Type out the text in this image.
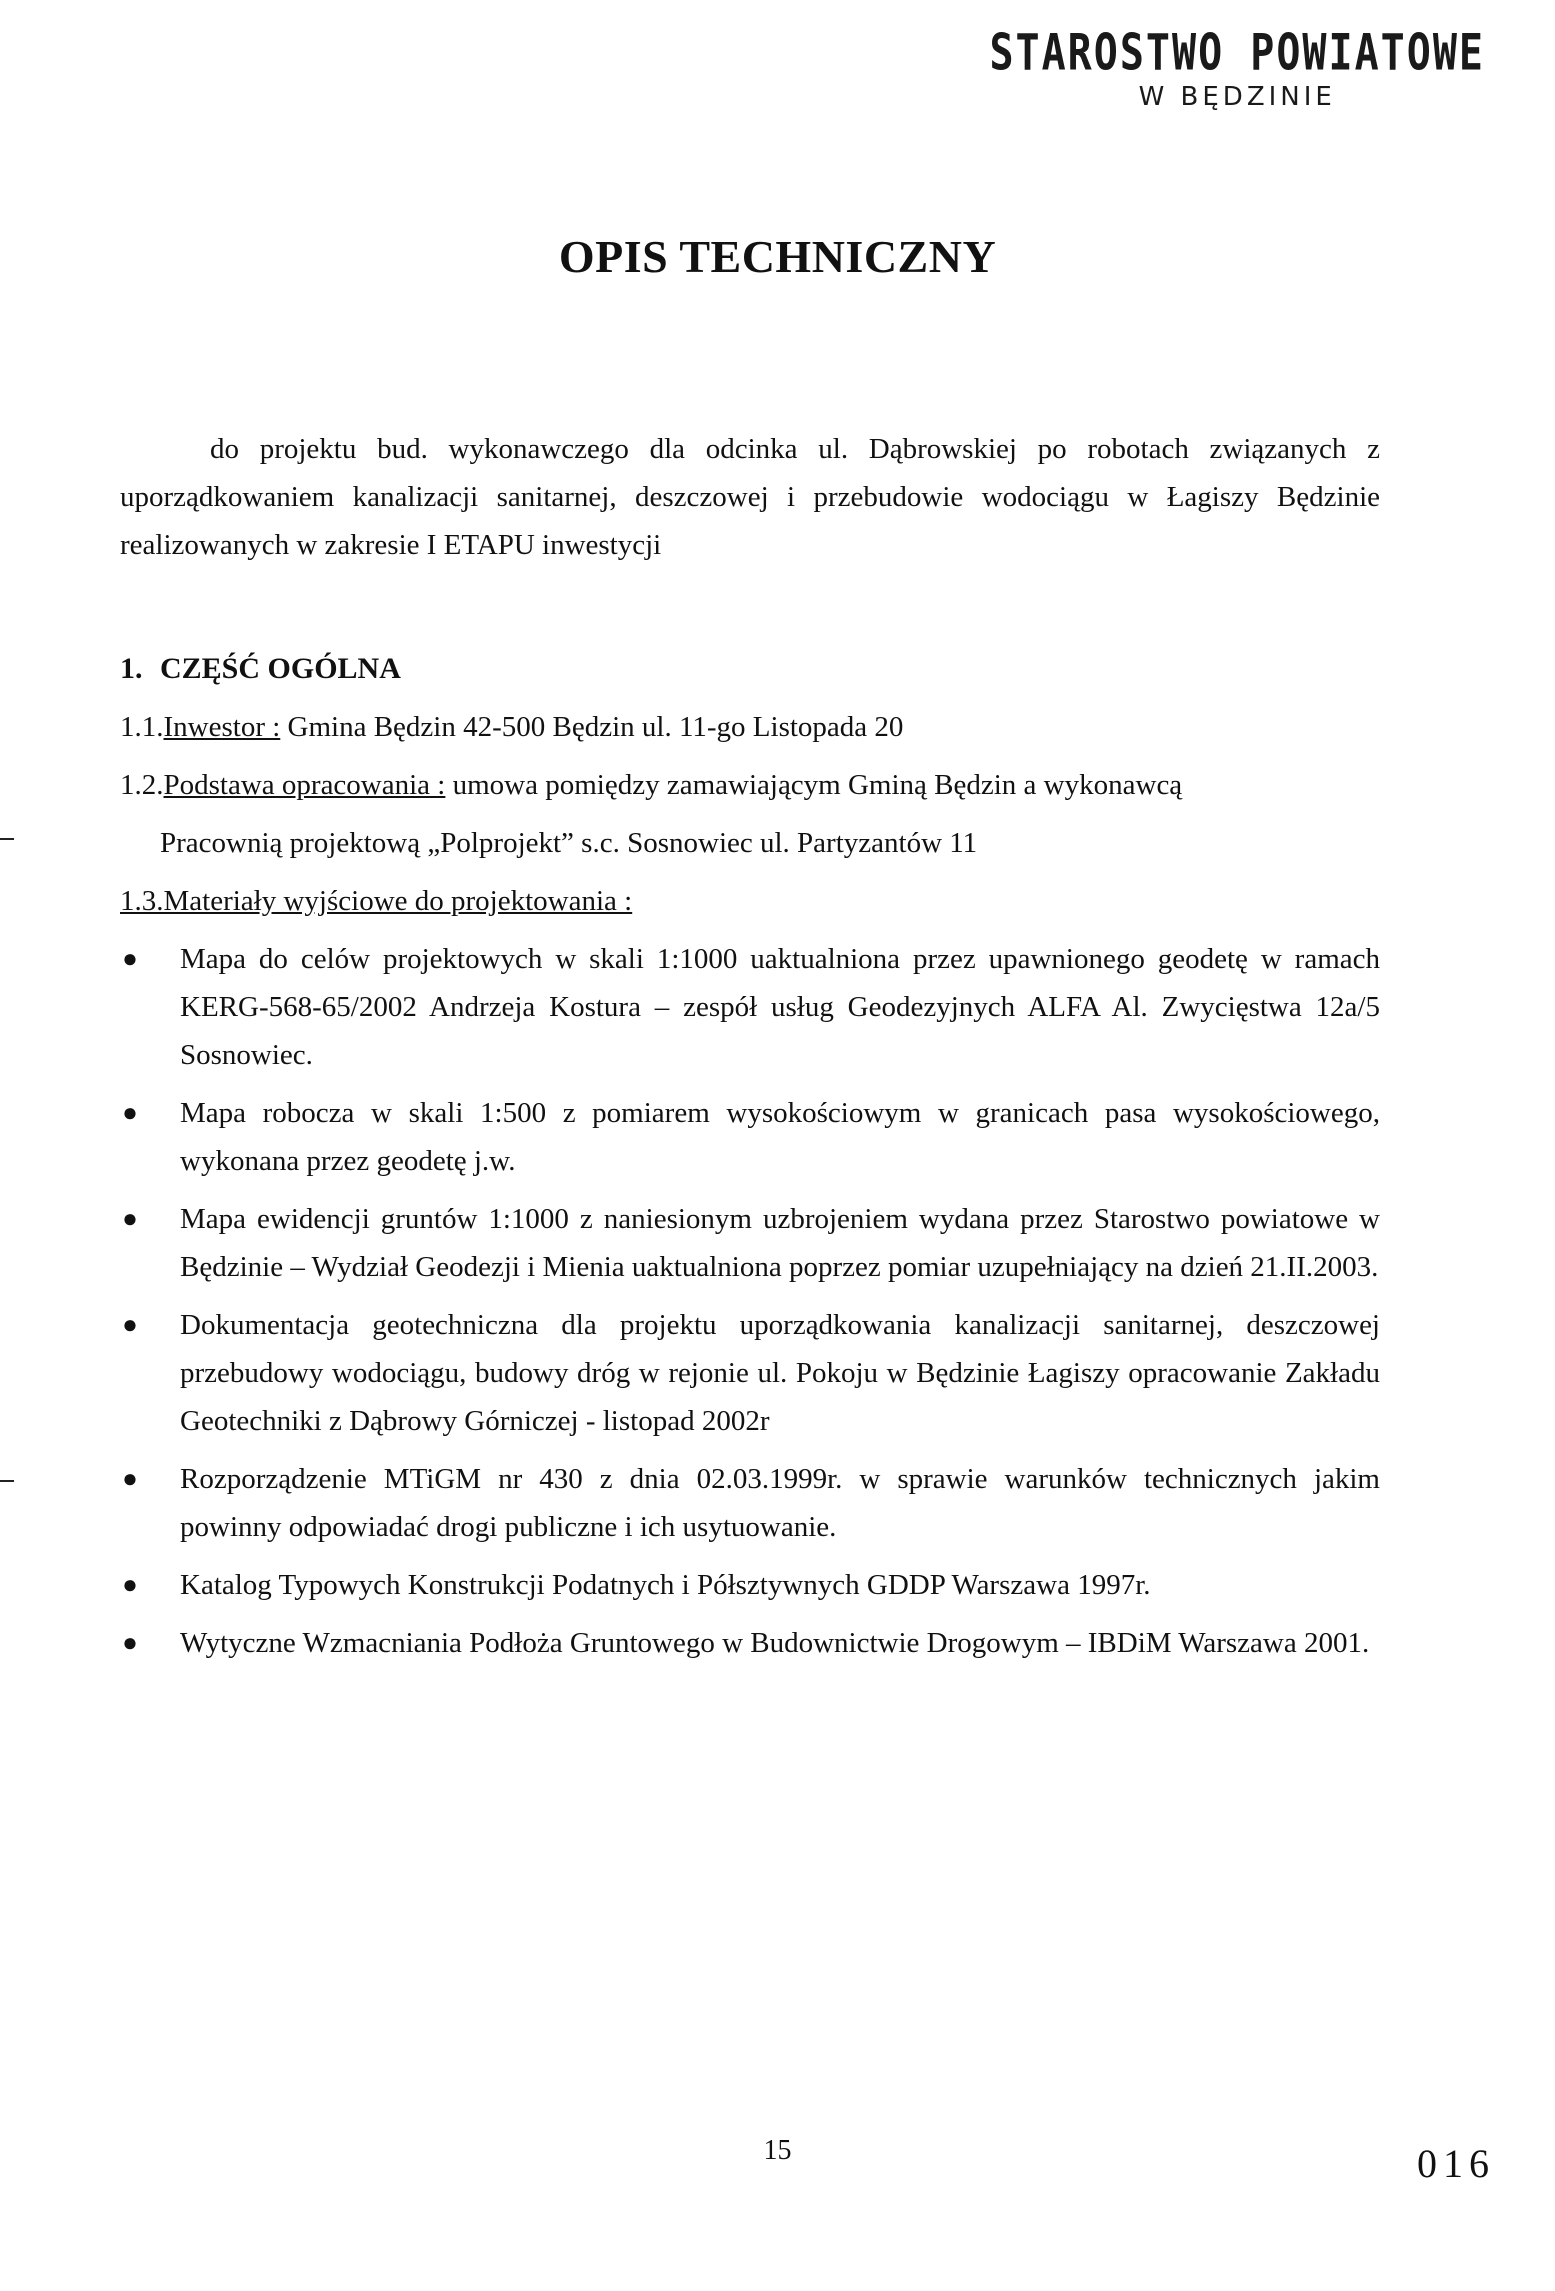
STAROSTWO POWIATOWE
W BĘDZINIE
OPIS TECHNICZNY

do projektu bud. wykonawczego dla odcinka ul. Dąbrowskiej po robotach związanych z uporządkowaniem kanalizacji sanitarnej, deszczowej i przebudowie wodociągu w Łagiszy Będzinie realizowanych w zakresie I ETAPU inwestycji

1. CZĘŚĆ OGÓLNA
1.1.Inwestor : Gmina Będzin 42-500 Będzin ul. 11-go Listopada 20
1.2.Podstawa opracowania : umowa pomiędzy zamawiającym Gminą Będzin a wykonawcą
Pracownią projektową „Polprojekt” s.c. Sosnowiec ul. Partyzantów 11
1.3.Materiały wyjściowe do projektowania :
● Mapa do celów projektowych w skali 1:1000 uaktualniona przez upawnionego geodetę w ramach KERG-568-65/2002 Andrzeja Kostura – zespół usług Geodezyjnych ALFA Al. Zwycięstwa 12a/5 Sosnowiec.
● Mapa robocza w skali 1:500 z pomiarem wysokościowym w granicach pasa wysokościowego, wykonana przez geodetę j.w.
● Mapa ewidencji gruntów 1:1000 z naniesionym uzbrojeniem wydana przez Starostwo powiatowe w Będzinie – Wydział Geodezji i Mienia uaktualniona poprzez pomiar uzupełniający na dzień 21.II.2003.
● Dokumentacja geotechniczna dla projektu uporządkowania kanalizacji sanitarnej, deszczowej przebudowy wodociągu, budowy dróg w rejonie ul. Pokoju w Będzinie Łagiszy opracowanie Zakładu Geotechniki z Dąbrowy Górniczej - listopad 2002r
● Rozporządzenie MTiGM nr 430 z dnia 02.03.1999r. w sprawie warunków technicznych jakim powinny odpowiadać drogi publiczne i ich usytuowanie.
● Katalog Typowych Konstrukcji Podatnych i Półsztywnych GDDP Warszawa 1997r.
● Wytyczne Wzmacniania Podłoża Gruntowego w Budownictwie Drogowym – IBDiM Warszawa 2001.
15	016
